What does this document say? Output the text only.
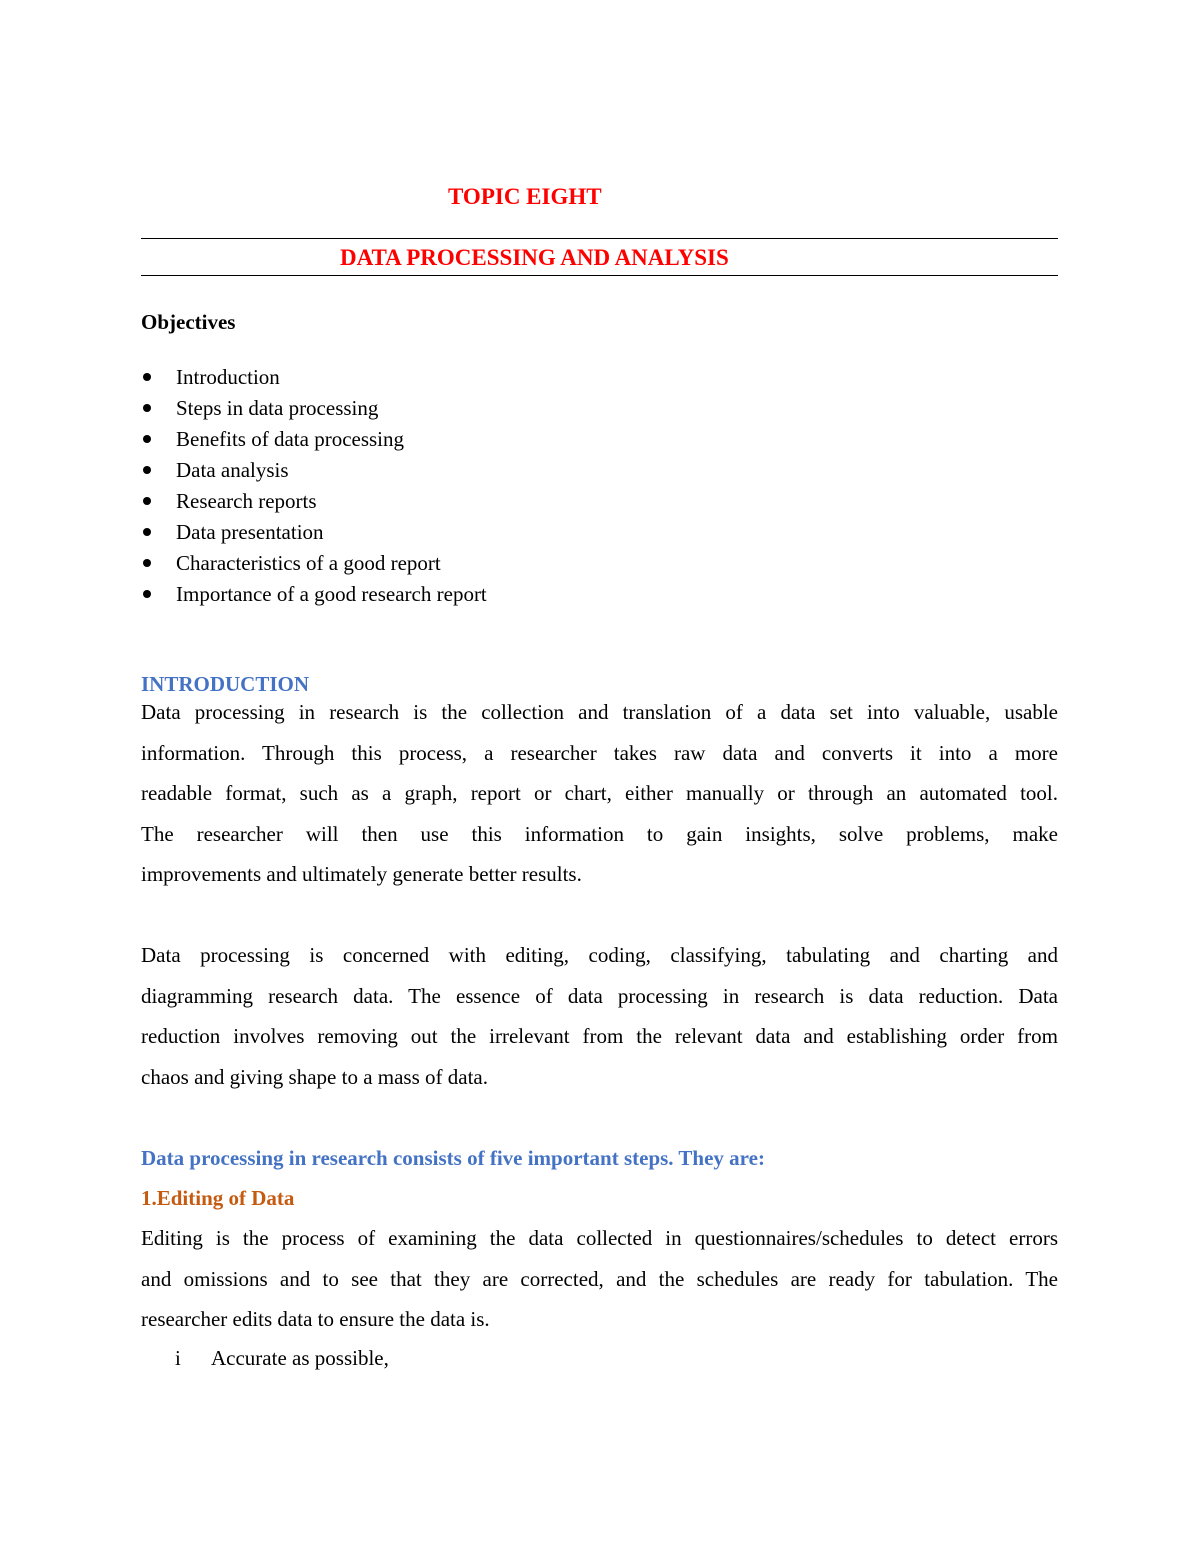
TOPIC EIGHT
DATA PROCESSING AND ANALYSIS
Objectives
Introduction
Steps in data processing
Benefits of data processing
Data analysis
Research reports
Data presentation
Characteristics of a good report
Importance of a good research report
INTRODUCTION
Data processing in research is the collection and translation of a data set into valuable, usable
information. Through this process, a researcher takes raw data and converts it into a more
readable format, such as a graph, report or chart, either manually or through an automated tool.
The researcher will then use this information to gain insights, solve problems, make
improvements and ultimately generate better results.
Data processing is concerned with editing, coding, classifying, tabulating and charting and
diagramming research data. The essence of data processing in research is data reduction. Data
reduction involves removing out the irrelevant from the relevant data and establishing order from
chaos and giving shape to a mass of data.
Data processing in research consists of five important steps. They are:
1.Editing of Data
Editing is the process of examining the data collected in questionnaires/schedules to detect errors
and omissions and to see that they are corrected, and the schedules are ready for tabulation. The
researcher edits data to ensure the data is.
i Accurate as possible,
